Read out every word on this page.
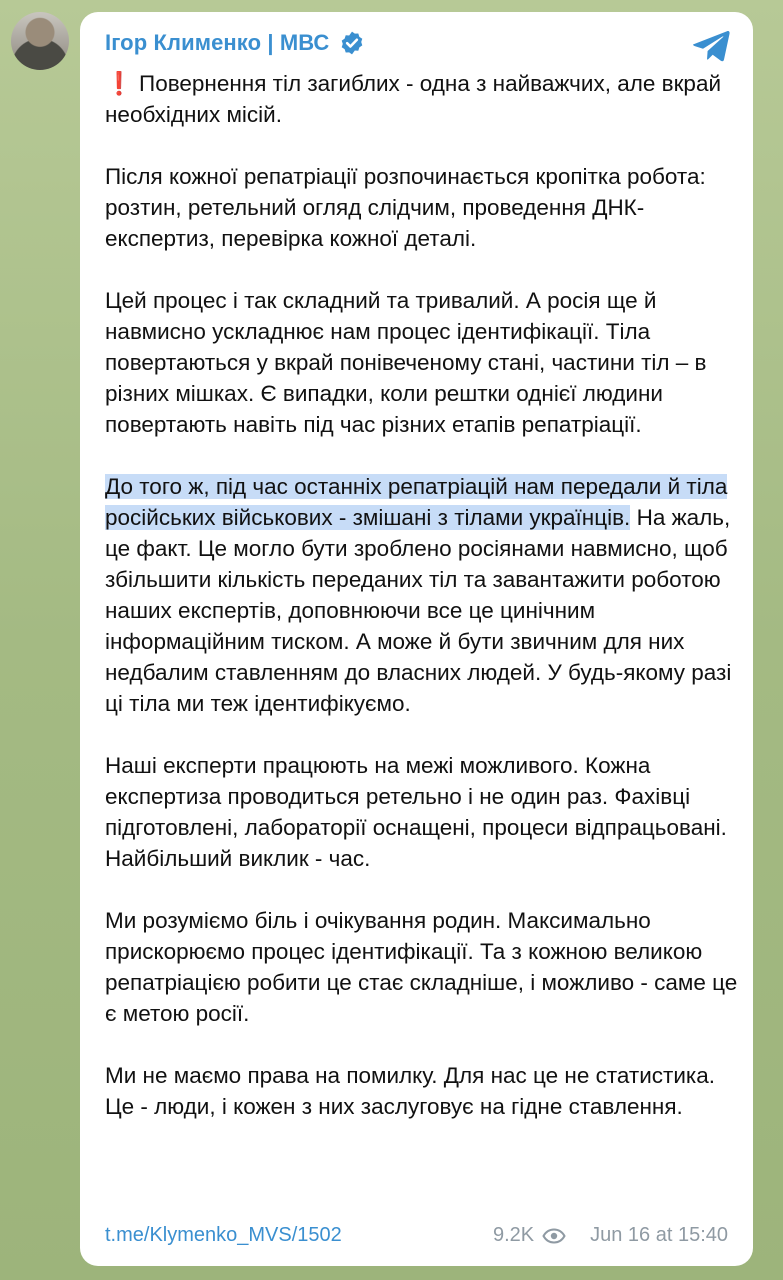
Ігор Клименко | МВС

❗ Повернення тіл загиблих - одна з найважчих, але вкрай необхідних місій.

Після кожної репатріації розпочинається кропітка робота: розтин, ретельний огляд слідчим, проведення ДНК-експертиз, перевірка кожної деталі.

Цей процес і так складний та тривалий. А росія ще й навмисно ускладнює нам процес ідентифікації. Тіла повертаються у вкрай понівеченому стані, частини тіл – в різних мішках. Є випадки, коли рештки однієї людини повертають навіть під час різних етапів репатріації.

До того ж, під час останніх репатріацій нам передали й тіла російських військових - змішані з тілами українців. На жаль, це факт. Це могло бути зроблено росіянами навмисно, щоб збільшити кількість переданих тіл та завантажити роботою наших експертів, доповнюючи все це цинічним інформаційним тиском. А може й бути звичним для них недбалим ставленням до власних людей. У будь-якому разі ці тіла ми теж ідентифікуємо.

Наші експерти працюють на межі можливого. Кожна експертиза проводиться ретельно і не один раз. Фахівці підготовлені, лабораторії оснащені, процеси відпрацьовані. Найбільший виклик - час.

Ми розуміємо біль і очікування родин. Максимально прискорюємо процес ідентифікації. Та з кожною великою репатріацією робити це стає складніше, і можливо - саме це є метою росії.

Ми не маємо права на помилку. Для нас це не статистика. Це - люди, і кожен з них заслуговує на гідне ставлення.

t.me/Klymenko_MVS/1502	9.2K	Jun 16 at 15:40
